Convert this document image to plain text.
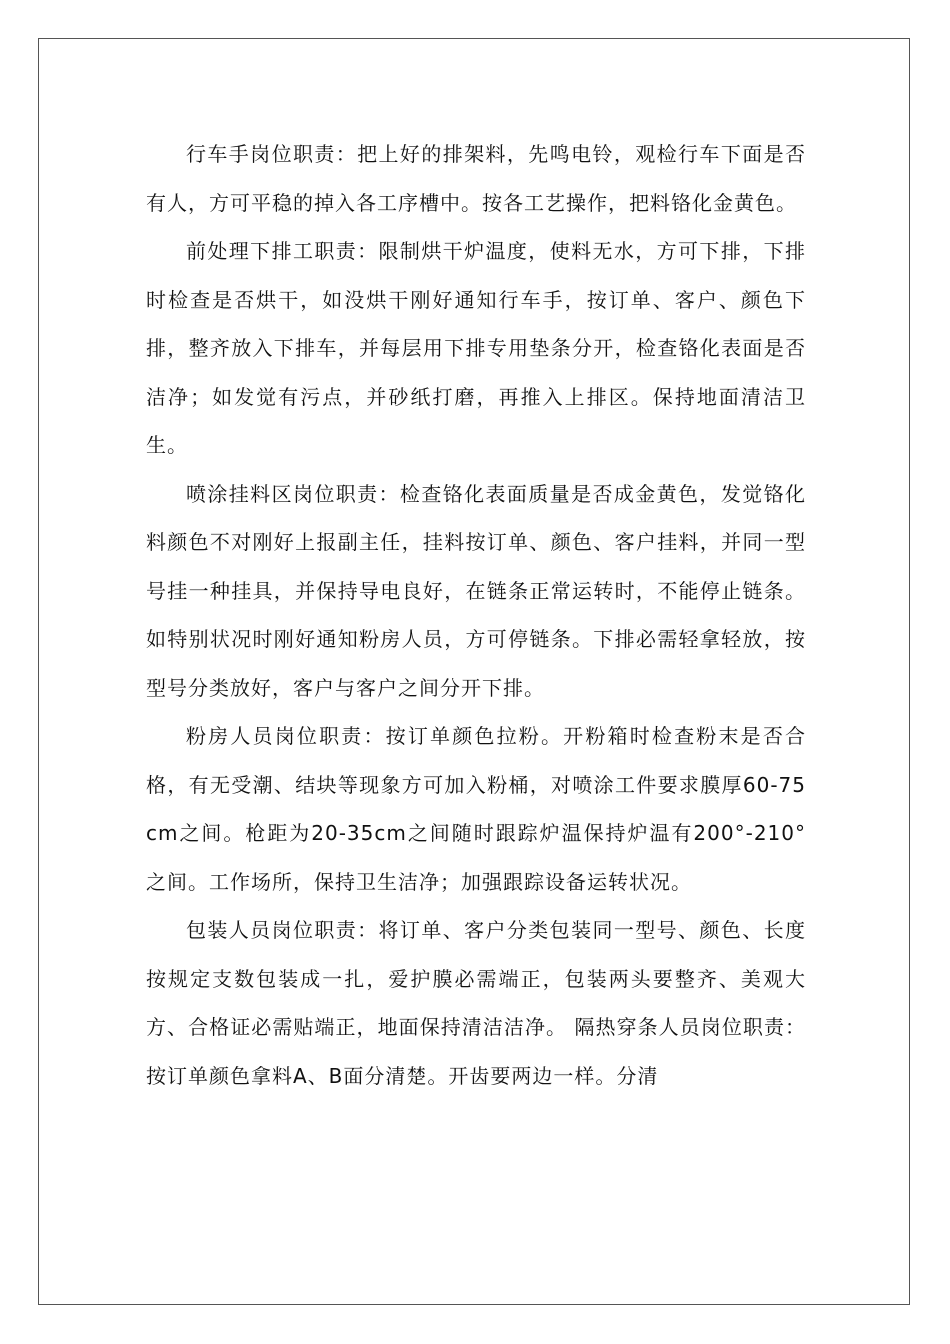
行车手岗位职责：把上好的排架料，先鸣电铃，观检行车下面是否有人，方可平稳的掉入各工序槽中。按各工艺操作，把料铬化金黄色。

前处理下排工职责：限制烘干炉温度，使料无水，方可下排，下排时检查是否烘干，如没烘干刚好通知行车手，按订单、客户、颜色下排，整齐放入下排车，并每层用下排专用垫条分开，检查铬化表面是否洁净；如发觉有污点，并砂纸打磨，再推入上排区。保持地面清洁卫生。

喷涂挂料区岗位职责：检查铬化表面质量是否成金黄色，发觉铬化料颜色不对刚好上报副主任，挂料按订单、颜色、客户挂料，并同一型号挂一种挂具，并保持导电良好，在链条正常运转时，不能停止链条。如特别状况时刚好通知粉房人员，方可停链条。下排必需轻拿轻放，按型号分类放好，客户与客户之间分开下排。

粉房人员岗位职责：按订单颜色拉粉。开粉箱时检查粉末是否合格，有无受潮、结块等现象方可加入粉桶，对喷涂工件要求膜厚60-75cm之间。枪距为20-35cm之间随时跟踪炉温保持炉温有200°-210°之间。工作场所，保持卫生洁净；加强跟踪设备运转状况。

包装人员岗位职责：将订单、客户分类包装同一型号、颜色、长度按规定支数包装成一扎，爱护膜必需端正，包装两头要整齐、美观大方、合格证必需贴端正，地面保持清洁洁净。 隔热穿条人员岗位职责：按订单颜色拿料A、B面分清楚。开齿要两边一样。分清
